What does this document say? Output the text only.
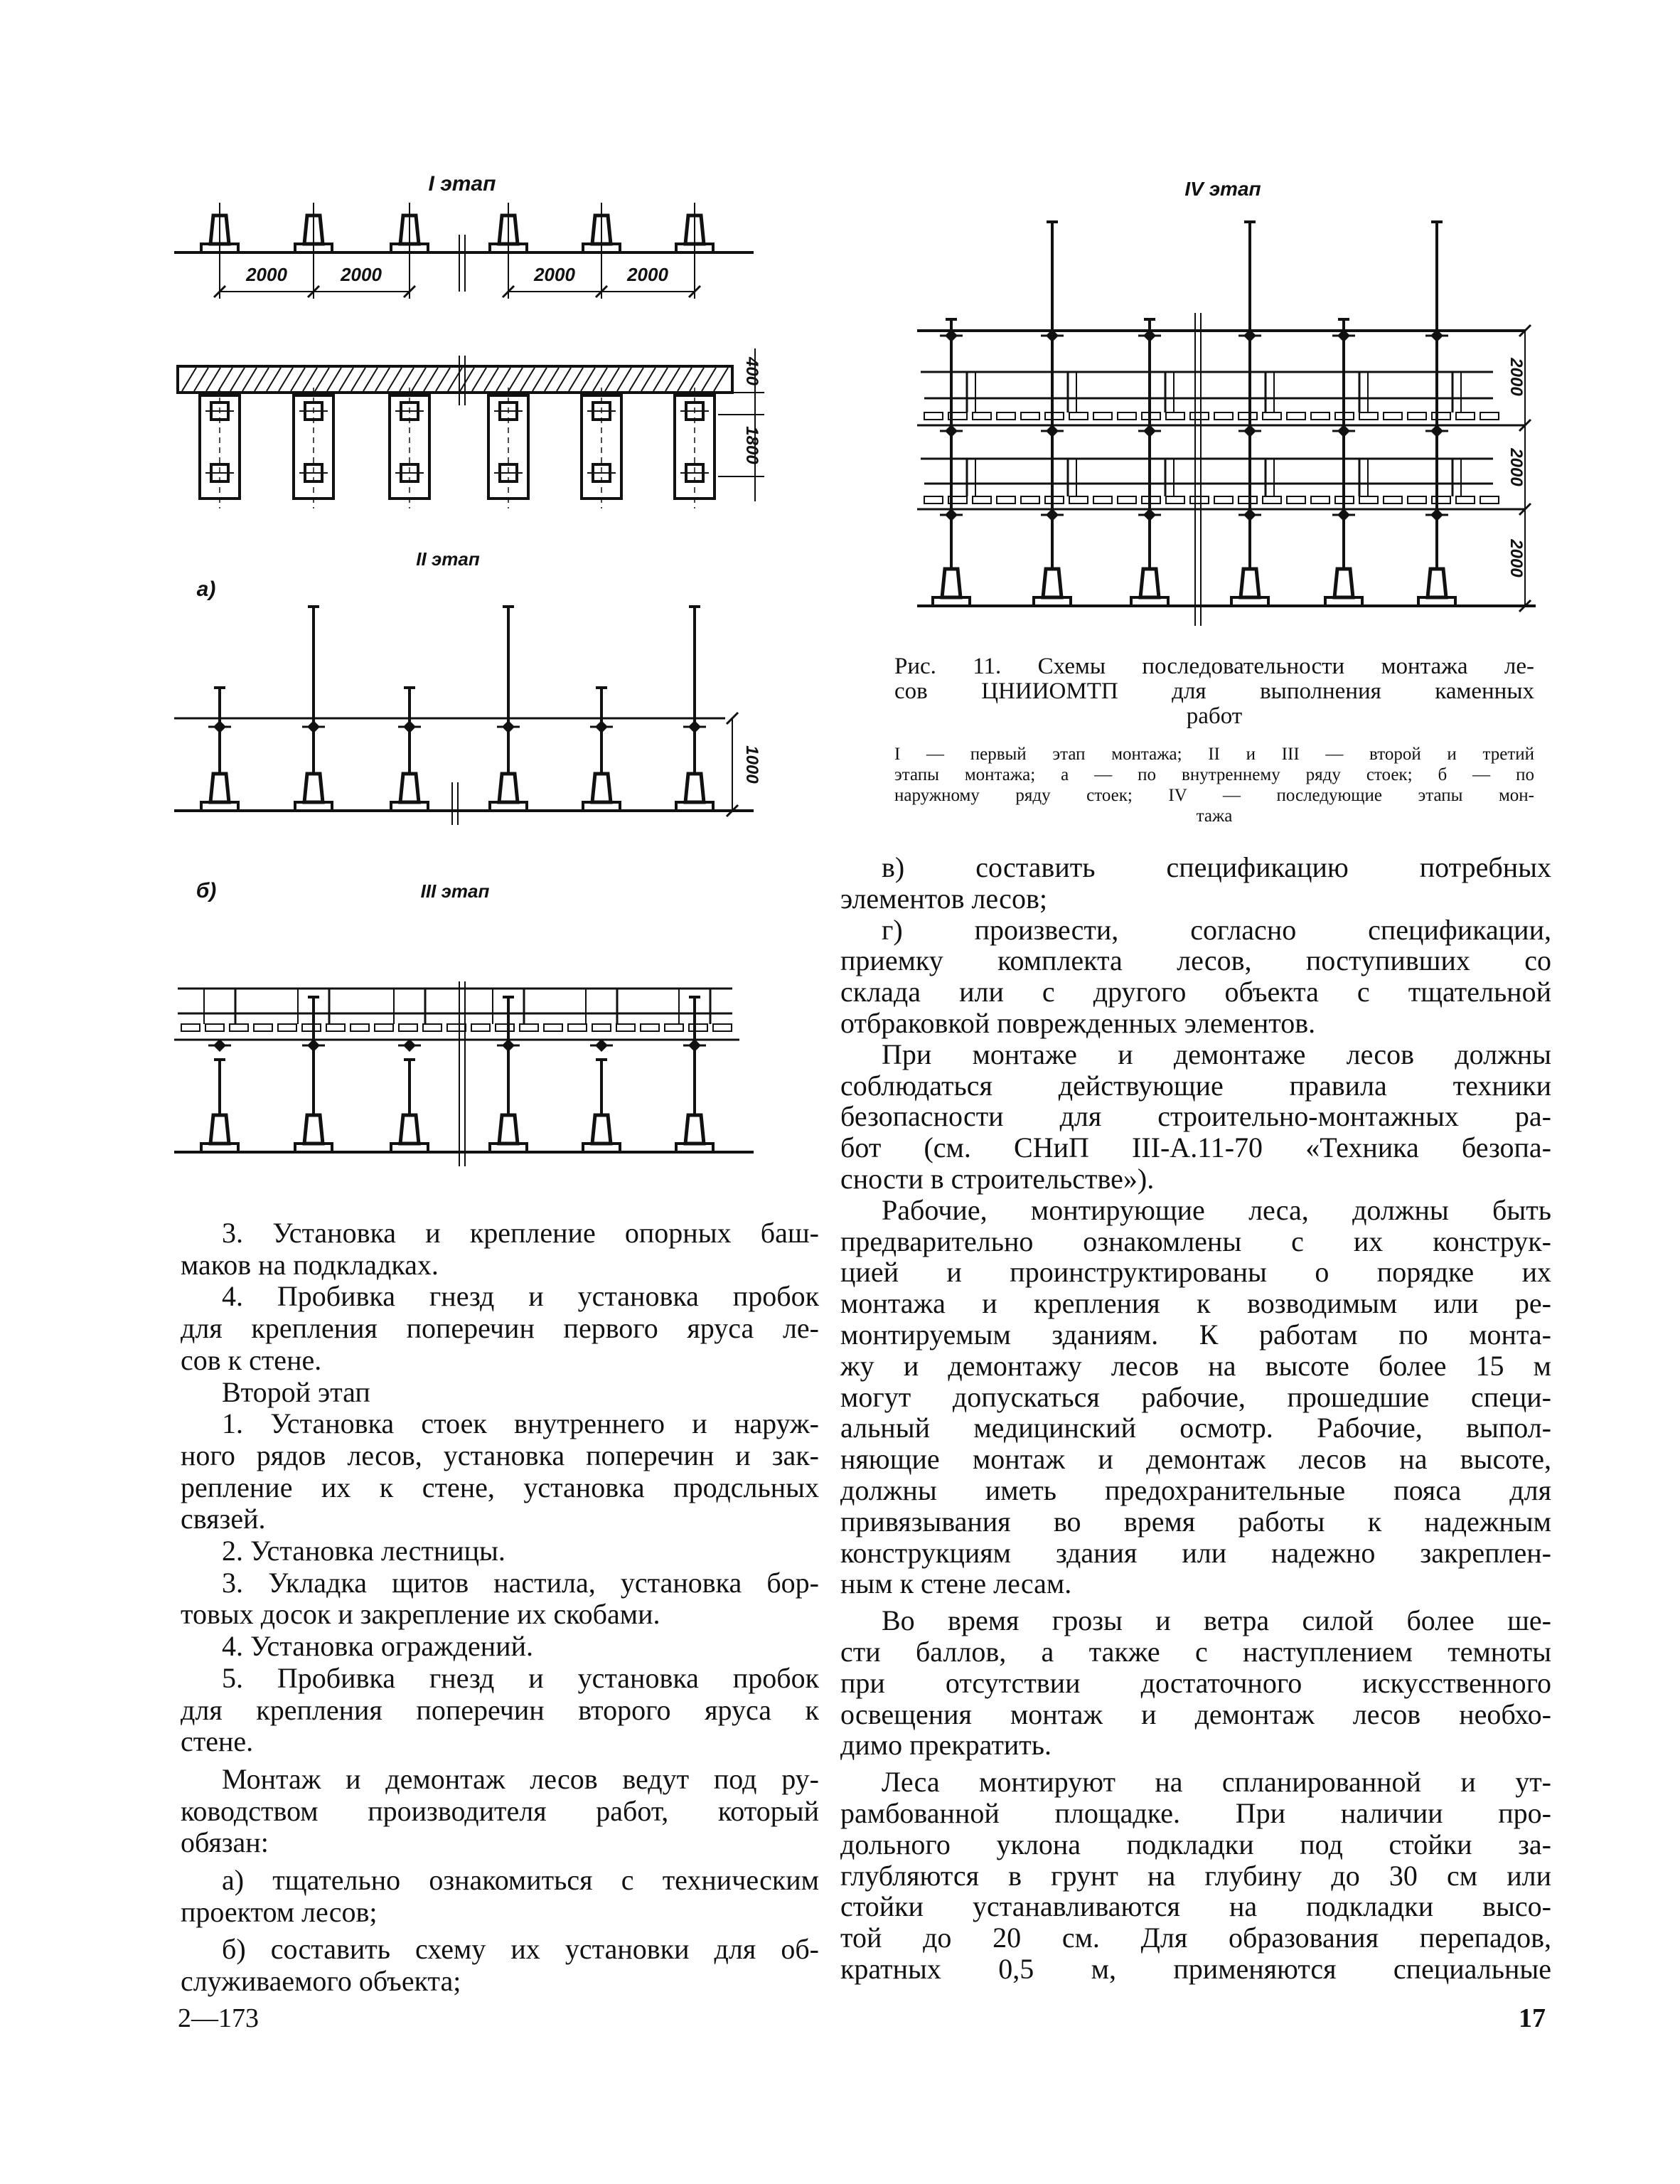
I этап
2000	2000	2000	2000
400
1800
а)
II этап
1000
б)	III этап
IV этап
2000
2000
2000
Рис. 11. Схемы последовательности монтажа ле-
сов ЦНИИОМТП для выполнения каменных
работ
I — первый этап монтажа; II и III — второй и третий
этапы монтажа; а — по внутреннему ряду стоек; б — по
наружному ряду стоек; IV — последующие этапы мон-
тажа
3. Установка и крепление опорных баш-
маков на подкладках.
4. Пробивка гнезд и установка пробок
для крепления поперечин первого яруса ле-
сов к стене.
Второй этап
1. Установка стоек внутреннего и наруж-
ного рядов лесов, установка поперечин и зак-
репление их к стене, установка продсльных
связей.
2. Установка лестницы.
3. Укладка щитов настила, установка бор-
товых досок и закрепление их скобами.
4. Установка ограждений.
5. Пробивка гнезд и установка пробок
для крепления поперечин второго яруса к
стене.
Монтаж и демонтаж лесов ведут под ру-
ководством производителя работ, который
обязан:
а) тщательно ознакомиться с техническим
проектом лесов;
б) составить схему их установки для об-
служиваемого объекта;
в) составить спецификацию потребных
элементов лесов;
г) произвести, согласно спецификации,
приемку комплекта лесов, поступивших со
склада или с другого объекта с тщательной
отбраковкой поврежденных элементов.
При монтаже и демонтаже лесов должны
соблюдаться действующие правила техники
безопасности для строительно-монтажных ра-
бот (см. СНиП III-А.11-70 «Техника безопа-
сности в строительстве»).
Рабочие, монтирующие леса, должны быть
предварительно ознакомлены с их конструк-
цией и проинструктированы о порядке их
монтажа и крепления к возводимым или ре-
монтируемым зданиям. К работам по монта-
жу и демонтажу лесов на высоте более 15 м
могут допускаться рабочие, прошедшие специ-
альный медицинский осмотр. Рабочие, выпол-
няющие монтаж и демонтаж лесов на высоте,
должны иметь предохранительные пояса для
привязывания во время работы к надежным
конструкциям здания или надежно закреплен-
ным к стене лесам.
Во время грозы и ветра силой более ше-
сти баллов, а также с наступлением темноты
при отсутствии достаточного искусственного
освещения монтаж и демонтаж лесов необхо-
димо прекратить.
Леса монтируют на спланированной и ут-
рамбованной площадке. При наличии про-
дольного уклона подкладки под стойки за-
глубляются в грунт на глубину до 30 см или
стойки устанавливаются на подкладки высо-
той до 20 см. Для образования перепадов,
кратных 0,5 м, применяются специальные
2—173	17
